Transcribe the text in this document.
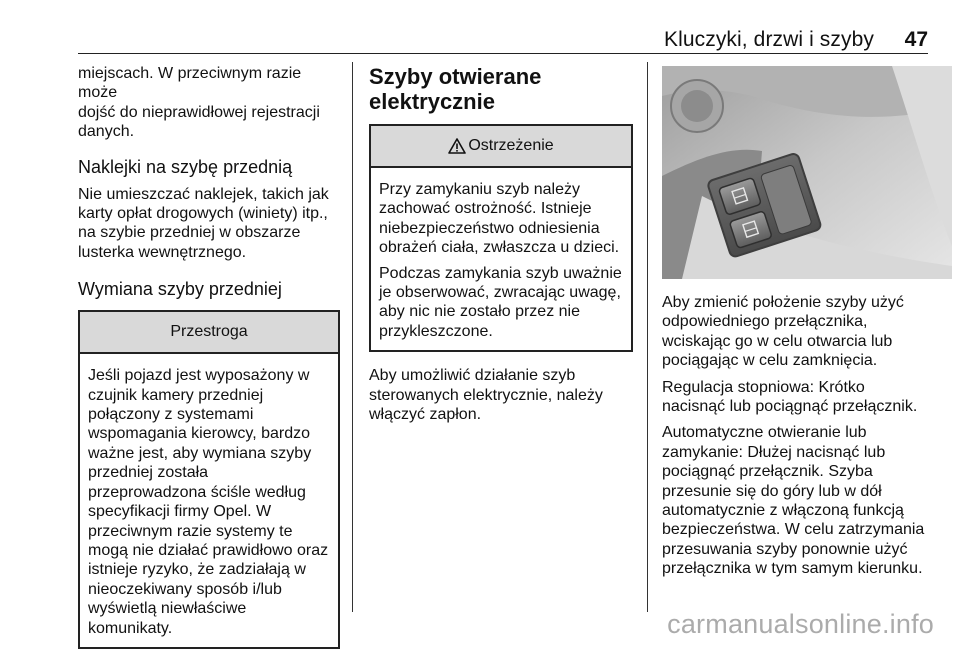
Kluczyki, drzwi i szyby	47

miejscach. W przeciwnym razie może
dojść do nieprawidłowej rejestracji
danych.

Naklejki na szybę przednią

Nie umieszczać naklejek, takich jak
karty opłat drogowych (winiety) itp.,
na szybie przedniej w obszarze
lusterka wewnętrznego.

Wymiana szyby przedniej
Przestroga

Jeśli pojazd jest wyposażony w
czujnik kamery przedniej
połączony z systemami
wspomagania kierowcy, bardzo
ważne jest, aby wymiana szyby
przedniej została
przeprowadzona ściśle według
specyfikacji firmy Opel. W
przeciwnym razie systemy te
mogą nie działać prawidłowo oraz
istnieje ryzyko, że zadziałają w
nieoczekiwany sposób i/lub
wyświetlą niewłaściwe
komunikaty.

Szyby otwierane
elektrycznie
Ostrzeżenie

Przy zamykaniu szyb należy
zachować ostrożność. Istnieje
niebezpieczeństwo odniesienia
obrażeń ciała, zwłaszcza u dzieci.

Podczas zamykania szyb uważnie
je obserwować, zwracając uwagę,
aby nic nie zostało przez nie
przykleszczone.

Aby umożliwić działanie szyb
sterowanych elektrycznie, należy
włączyć zapłon.

Aby zmienić położenie szyby użyć
odpowiedniego przełącznika,
wciskając go w celu otwarcia lub
pociągając w celu zamknięcia.

Regulacja stopniowa: Krótko
nacisnąć lub pociągnąć przełącznik.

Automatyczne otwieranie lub
zamykanie: Dłużej nacisnąć lub
pociągnąć przełącznik. Szyba
przesunie się do góry lub w dół
automatycznie z włączoną funkcją
bezpieczeństwa. W celu zatrzymania
przesuwania szyby ponownie użyć
przełącznika w tym samym kierunku.

carmanualsonline.info
